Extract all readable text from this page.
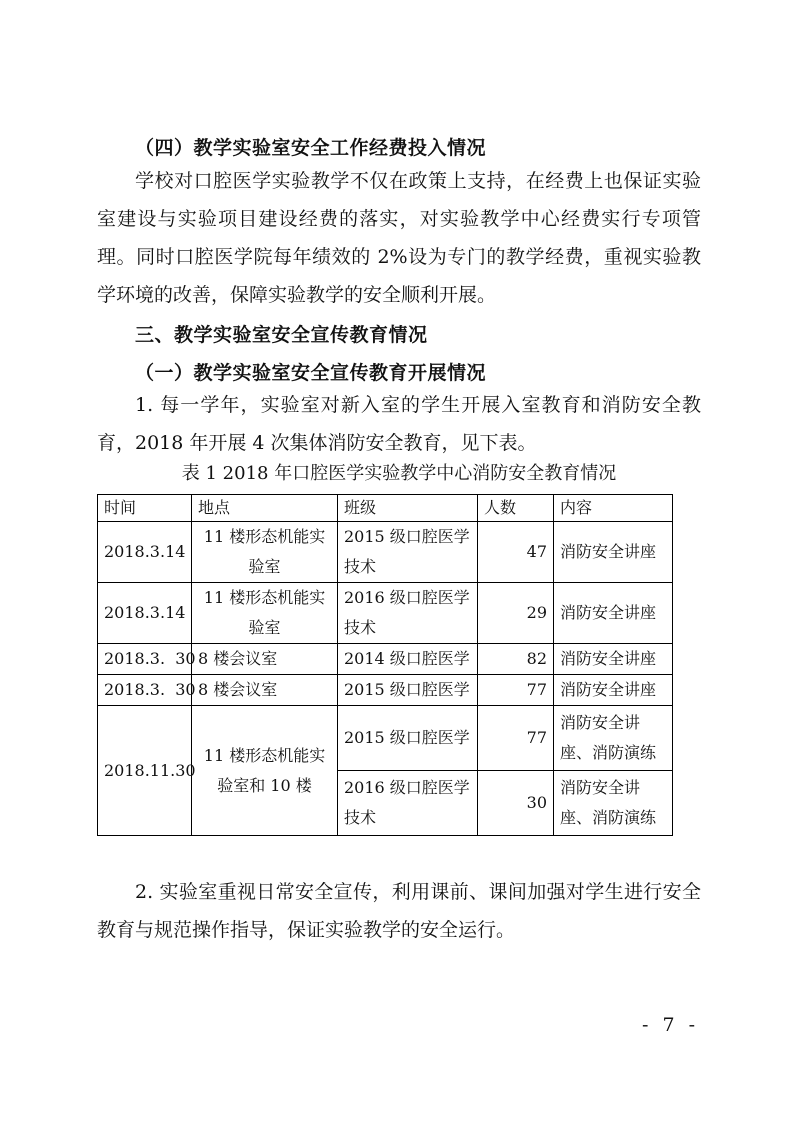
（四）教学实验室安全工作经费投入情况
学校对口腔医学实验教学不仅在政策上支持，在经费上也保证实验室建设与实验项目建设经费的落实，对实验教学中心经费实行专项管理。同时口腔医学院每年绩效的 2%设为专门的教学经费，重视实验教学环境的改善，保障实验教学的安全顺利开展。
三、教学实验室安全宣传教育情况
（一）教学实验室安全宣传教育开展情况
1. 每一学年，实验室对新入室的学生开展入室教育和消防安全教育，2018 年开展 4 次集体消防安全教育，见下表。
表 1 2018 年口腔医学实验教学中心消防安全教育情况
时间	地点	班级	人数	内容
2018.3.14	11 楼形态机能实验室	2015 级口腔医学技术	47	消防安全讲座
2018.3.14	11 楼形态机能实验室	2016 级口腔医学技术	29	消防安全讲座
2018.3.  30	8 楼会议室	2014 级口腔医学	82	消防安全讲座
2018.3.  30	8 楼会议室	2015 级口腔医学	77	消防安全讲座
2018.11.30	11 楼形态机能实验室和 10 楼	2015 级口腔医学	77	消防安全讲座、消防演练
		2016 级口腔医学技术	30	消防安全讲座、消防演练
2. 实验室重视日常安全宣传，利用课前、课间加强对学生进行安全教育与规范操作指导，保证实验教学的安全运行。
- 7 -
